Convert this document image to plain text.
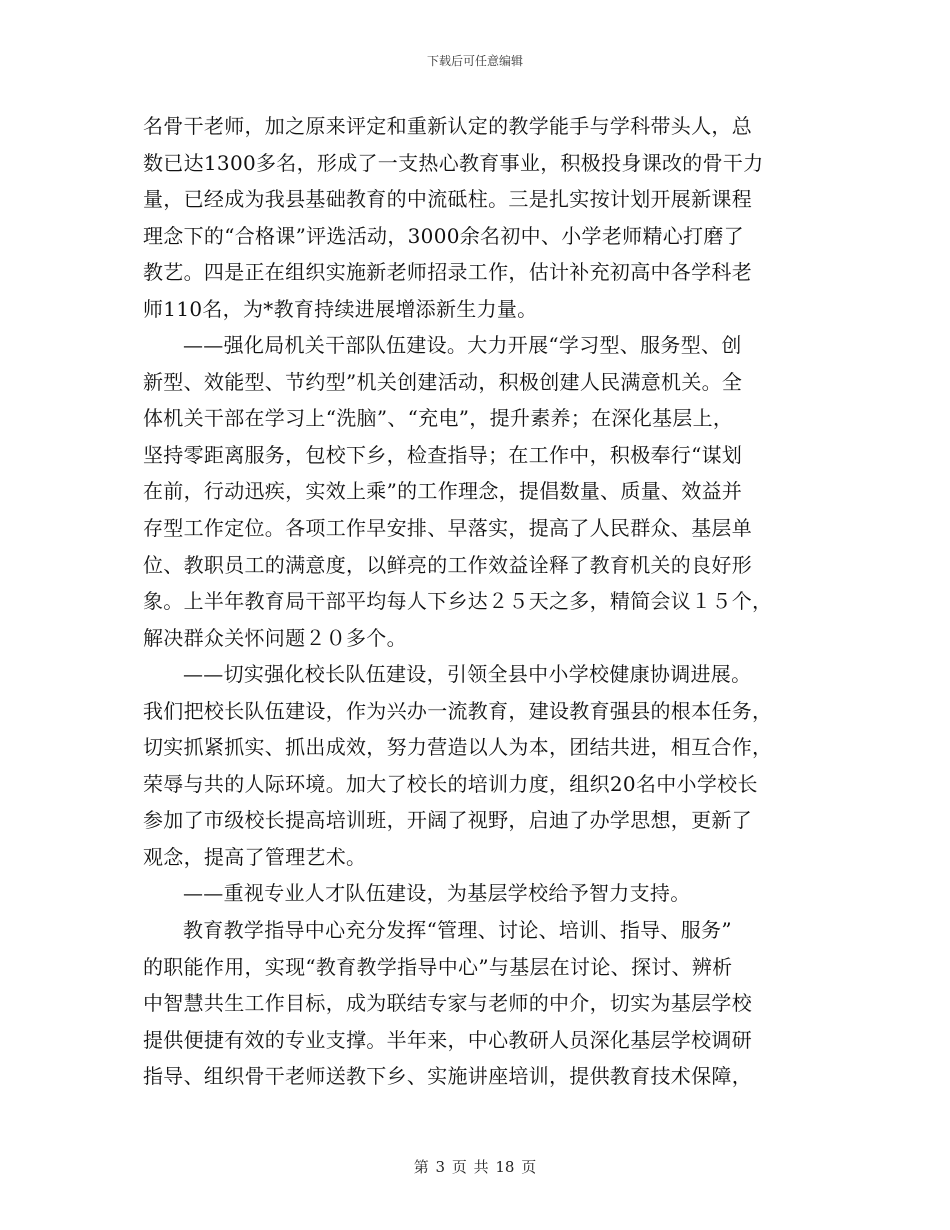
下载后可任意编辑
名骨干老师，加之原来评定和重新认定的教学能手与学科带头人，总
数已达1300多名，形成了一支热心教育事业，积极投身课改的骨干力
量，已经成为我县基础教育的中流砥柱。三是扎实按计划开展新课程
理念下的“合格课”评选活动，3000余名初中、小学老师精心打磨了
教艺。四是正在组织实施新老师招录工作，估计补充初高中各学科老
师110名，为*教育持续进展增添新生力量。
——强化局机关干部队伍建设。大力开展“学习型、服务型、创
新型、效能型、节约型”机关创建活动，积极创建人民满意机关。全
体机关干部在学习上“洗脑”、“充电”，提升素养；在深化基层上，
坚持零距离服务，包校下乡，检查指导；在工作中，积极奉行“谋划
在前，行动迅疾，实效上乘”的工作理念，提倡数量、质量、效益并
存型工作定位。各项工作早安排、早落实，提高了人民群众、基层单
位、教职员工的满意度，以鲜亮的工作效益诠释了教育机关的良好形
象。上半年教育局干部平均每人下乡达２５天之多，精简会议１５个，
解决群众关怀问题２０多个。
——切实强化校长队伍建设，引领全县中小学校健康协调进展。
我们把校长队伍建设，作为兴办一流教育，建设教育强县的根本任务，
切实抓紧抓实、抓出成效，努力营造以人为本，团结共进，相互合作，
荣辱与共的人际环境。加大了校长的培训力度，组织20名中小学校长
参加了市级校长提高培训班，开阔了视野，启迪了办学思想，更新了
观念，提高了管理艺术。
——重视专业人才队伍建设，为基层学校给予智力支持。
教育教学指导中心充分发挥“管理、讨论、培训、指导、服务”
的职能作用，实现“教育教学指导中心”与基层在讨论、探讨、辨析
中智慧共生工作目标，成为联结专家与老师的中介，切实为基层学校
提供便捷有效的专业支撑。半年来，中心教研人员深化基层学校调研
指导、组织骨干老师送教下乡、实施讲座培训，提供教育技术保障，
第 3 页 共 18 页
